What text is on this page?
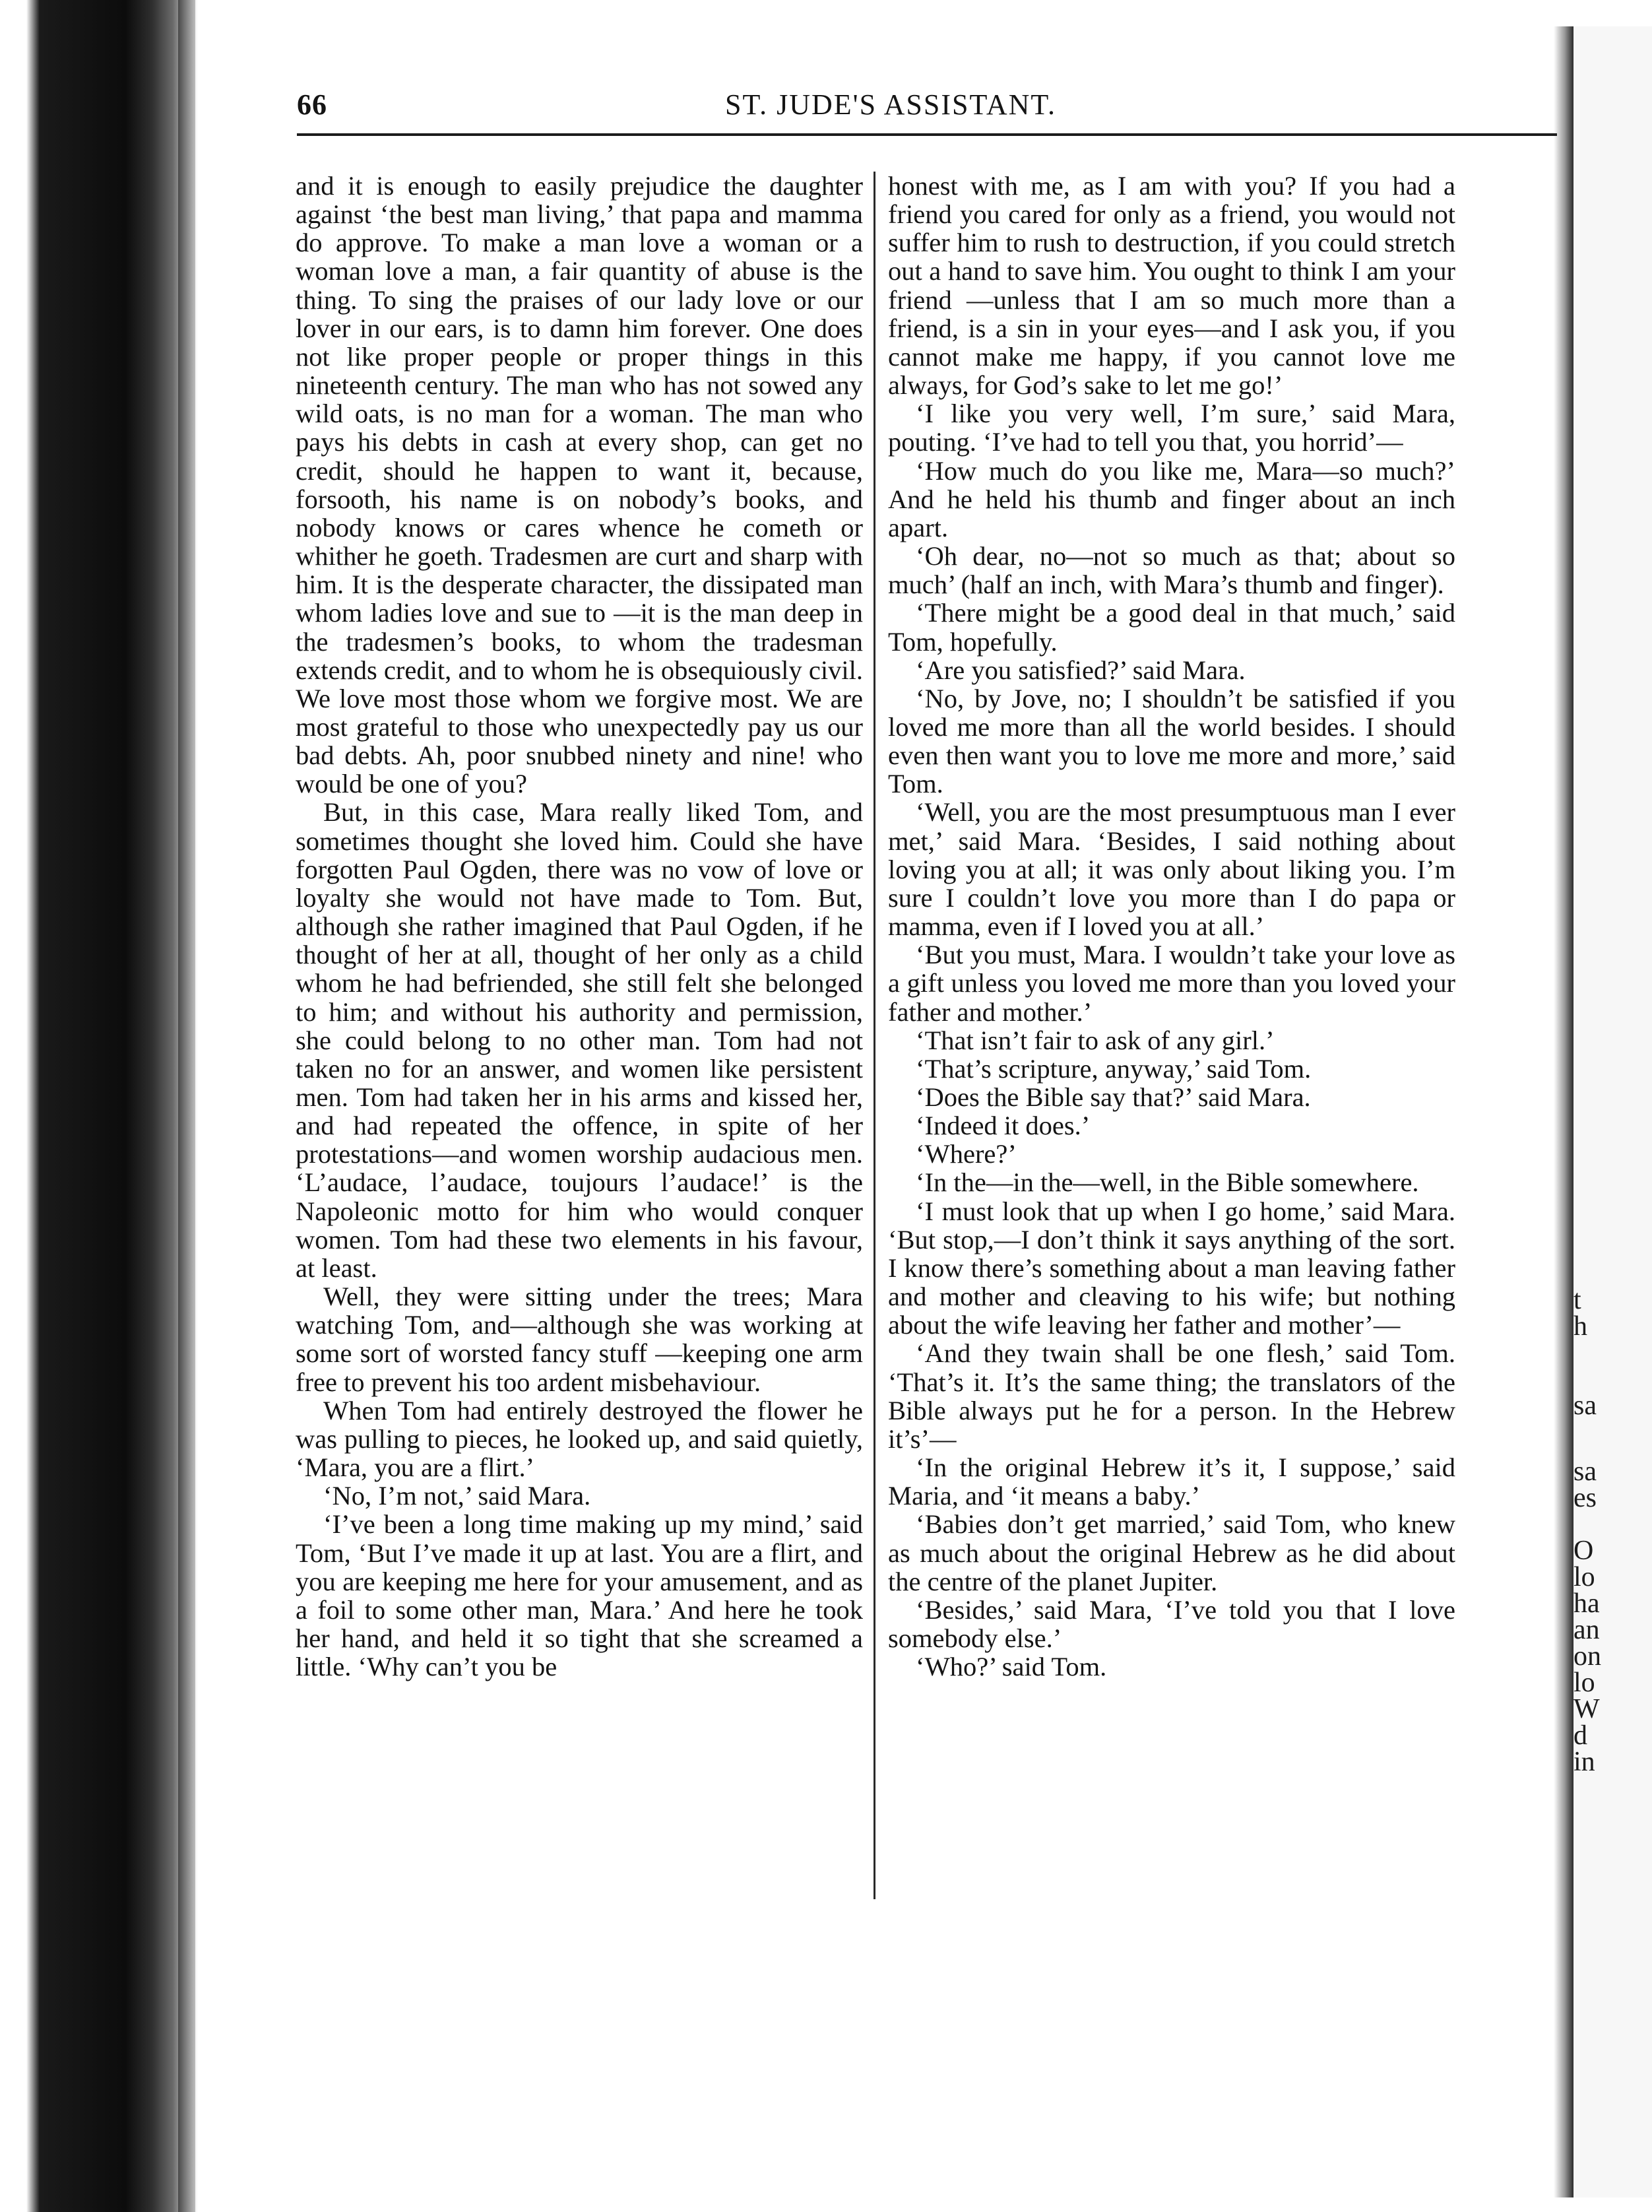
t
h
sa
sa
es
O
lo
ha
an
on
lo
W
d
in
66	ST. JUDE'S ASSISTANT.

and it is enough to easily prejudice the daughter against ‘the best man living,’ that papa and mamma do approve. To make a man love a woman or a woman love a man, a fair quantity of abuse is the thing. To sing the praises of our lady love or our lover in our ears, is to damn him forever. One does not like proper people or proper things in this nineteenth century. The man who has not sowed any wild oats, is no man for a woman. The man who pays his debts in cash at every shop, can get no credit, should he happen to want it, because, forsooth, his name is on nobody’s books, and nobody knows or cares whence he cometh or whither he goeth. Tradesmen are curt and sharp with him. It is the desperate character, the dissipated man whom ladies love and sue to —it is the man deep in the tradesmen’s books, to whom the tradesman extends credit, and to whom he is obsequiously civil. We love most those whom we forgive most. We are most grateful to those who unexpectedly pay us our bad debts. Ah, poor snubbed ninety and nine! who would be one of you?

But, in this case, Mara really liked Tom, and sometimes thought she loved him. Could she have forgotten Paul Ogden, there was no vow of love or loyalty she would not have made to Tom. But, although she rather imagined that Paul Ogden, if he thought of her at all, thought of her only as a child whom he had befriended, she still felt she belonged to him; and without his authority and permission, she could belong to no other man. Tom had not taken no for an answer, and women like persistent men. Tom had taken her in his arms and kissed her, and had repeated the offence, in spite of her protestations—and women worship audacious men. ‘L’audace, l’audace, toujours l’audace!’ is the Napoleonic motto for him who would conquer women. Tom had these two elements in his favour, at least.

Well, they were sitting under the trees; Mara watching Tom, and—although she was working at some sort of worsted fancy stuff —keeping one arm free to prevent his too ardent misbehaviour.

When Tom had entirely destroyed the flower he was pulling to pieces, he looked up, and said quietly, ‘Mara, you are a flirt.’

‘No, I’m not,’ said Mara.

‘I’ve been a long time making up my mind,’ said Tom, ‘But I’ve made it up at last. You are a flirt, and you are keeping me here for your amusement, and as a foil to some other man, Mara.’ And here he took her hand, and held it so tight that she screamed a little. ‘Why can’t you be

honest with me, as I am with you? If you had a friend you cared for only as a friend, you would not suffer him to rush to destruction, if you could stretch out a hand to save him. You ought to think I am your friend —unless that I am so much more than a friend, is a sin in your eyes—and I ask you, if you cannot make me happy, if you cannot love me always, for God’s sake to let me go!’

‘I like you very well, I’m sure,’ said Mara, pouting. ‘I’ve had to tell you that, you horrid’—

‘How much do you like me, Mara—so much?’ And he held his thumb and finger about an inch apart.

‘Oh dear, no—not so much as that; about so much’ (half an inch, with Mara’s thumb and finger).

‘There might be a good deal in that much,’ said Tom, hopefully.

‘Are you satisfied?’ said Mara.

‘No, by Jove, no; I shouldn’t be satisfied if you loved me more than all the world besides. I should even then want you to love me more and more,’ said Tom.

‘Well, you are the most presumptuous man I ever met,’ said Mara. ‘Besides, I said nothing about loving you at all; it was only about liking you. I’m sure I couldn’t love you more than I do papa or mamma, even if I loved you at all.’

‘But you must, Mara. I wouldn’t take your love as a gift unless you loved me more than you loved your father and mother.’

‘That isn’t fair to ask of any girl.’

‘That’s scripture, anyway,’ said Tom.

‘Does the Bible say that?’ said Mara.

‘Indeed it does.’

‘Where?’

‘In the—in the—well, in the Bible somewhere.

‘I must look that up when I go home,’ said Mara. ‘But stop,—I don’t think it says anything of the sort. I know there’s something about a man leaving father and mother and cleaving to his wife; but nothing about the wife leaving her father and mother’—

‘And they twain shall be one flesh,’ said Tom. ‘That’s it. It’s the same thing; the translators of the Bible always put he for a person. In the Hebrew it’s’—

‘In the original Hebrew it’s it, I suppose,’ said Maria, and ‘it means a baby.’

‘Babies don’t get married,’ said Tom, who knew as much about the original Hebrew as he did about the centre of the planet Jupiter.

‘Besides,’ said Mara, ‘I’ve told you that I love somebody else.’

‘Who?’ said Tom.
